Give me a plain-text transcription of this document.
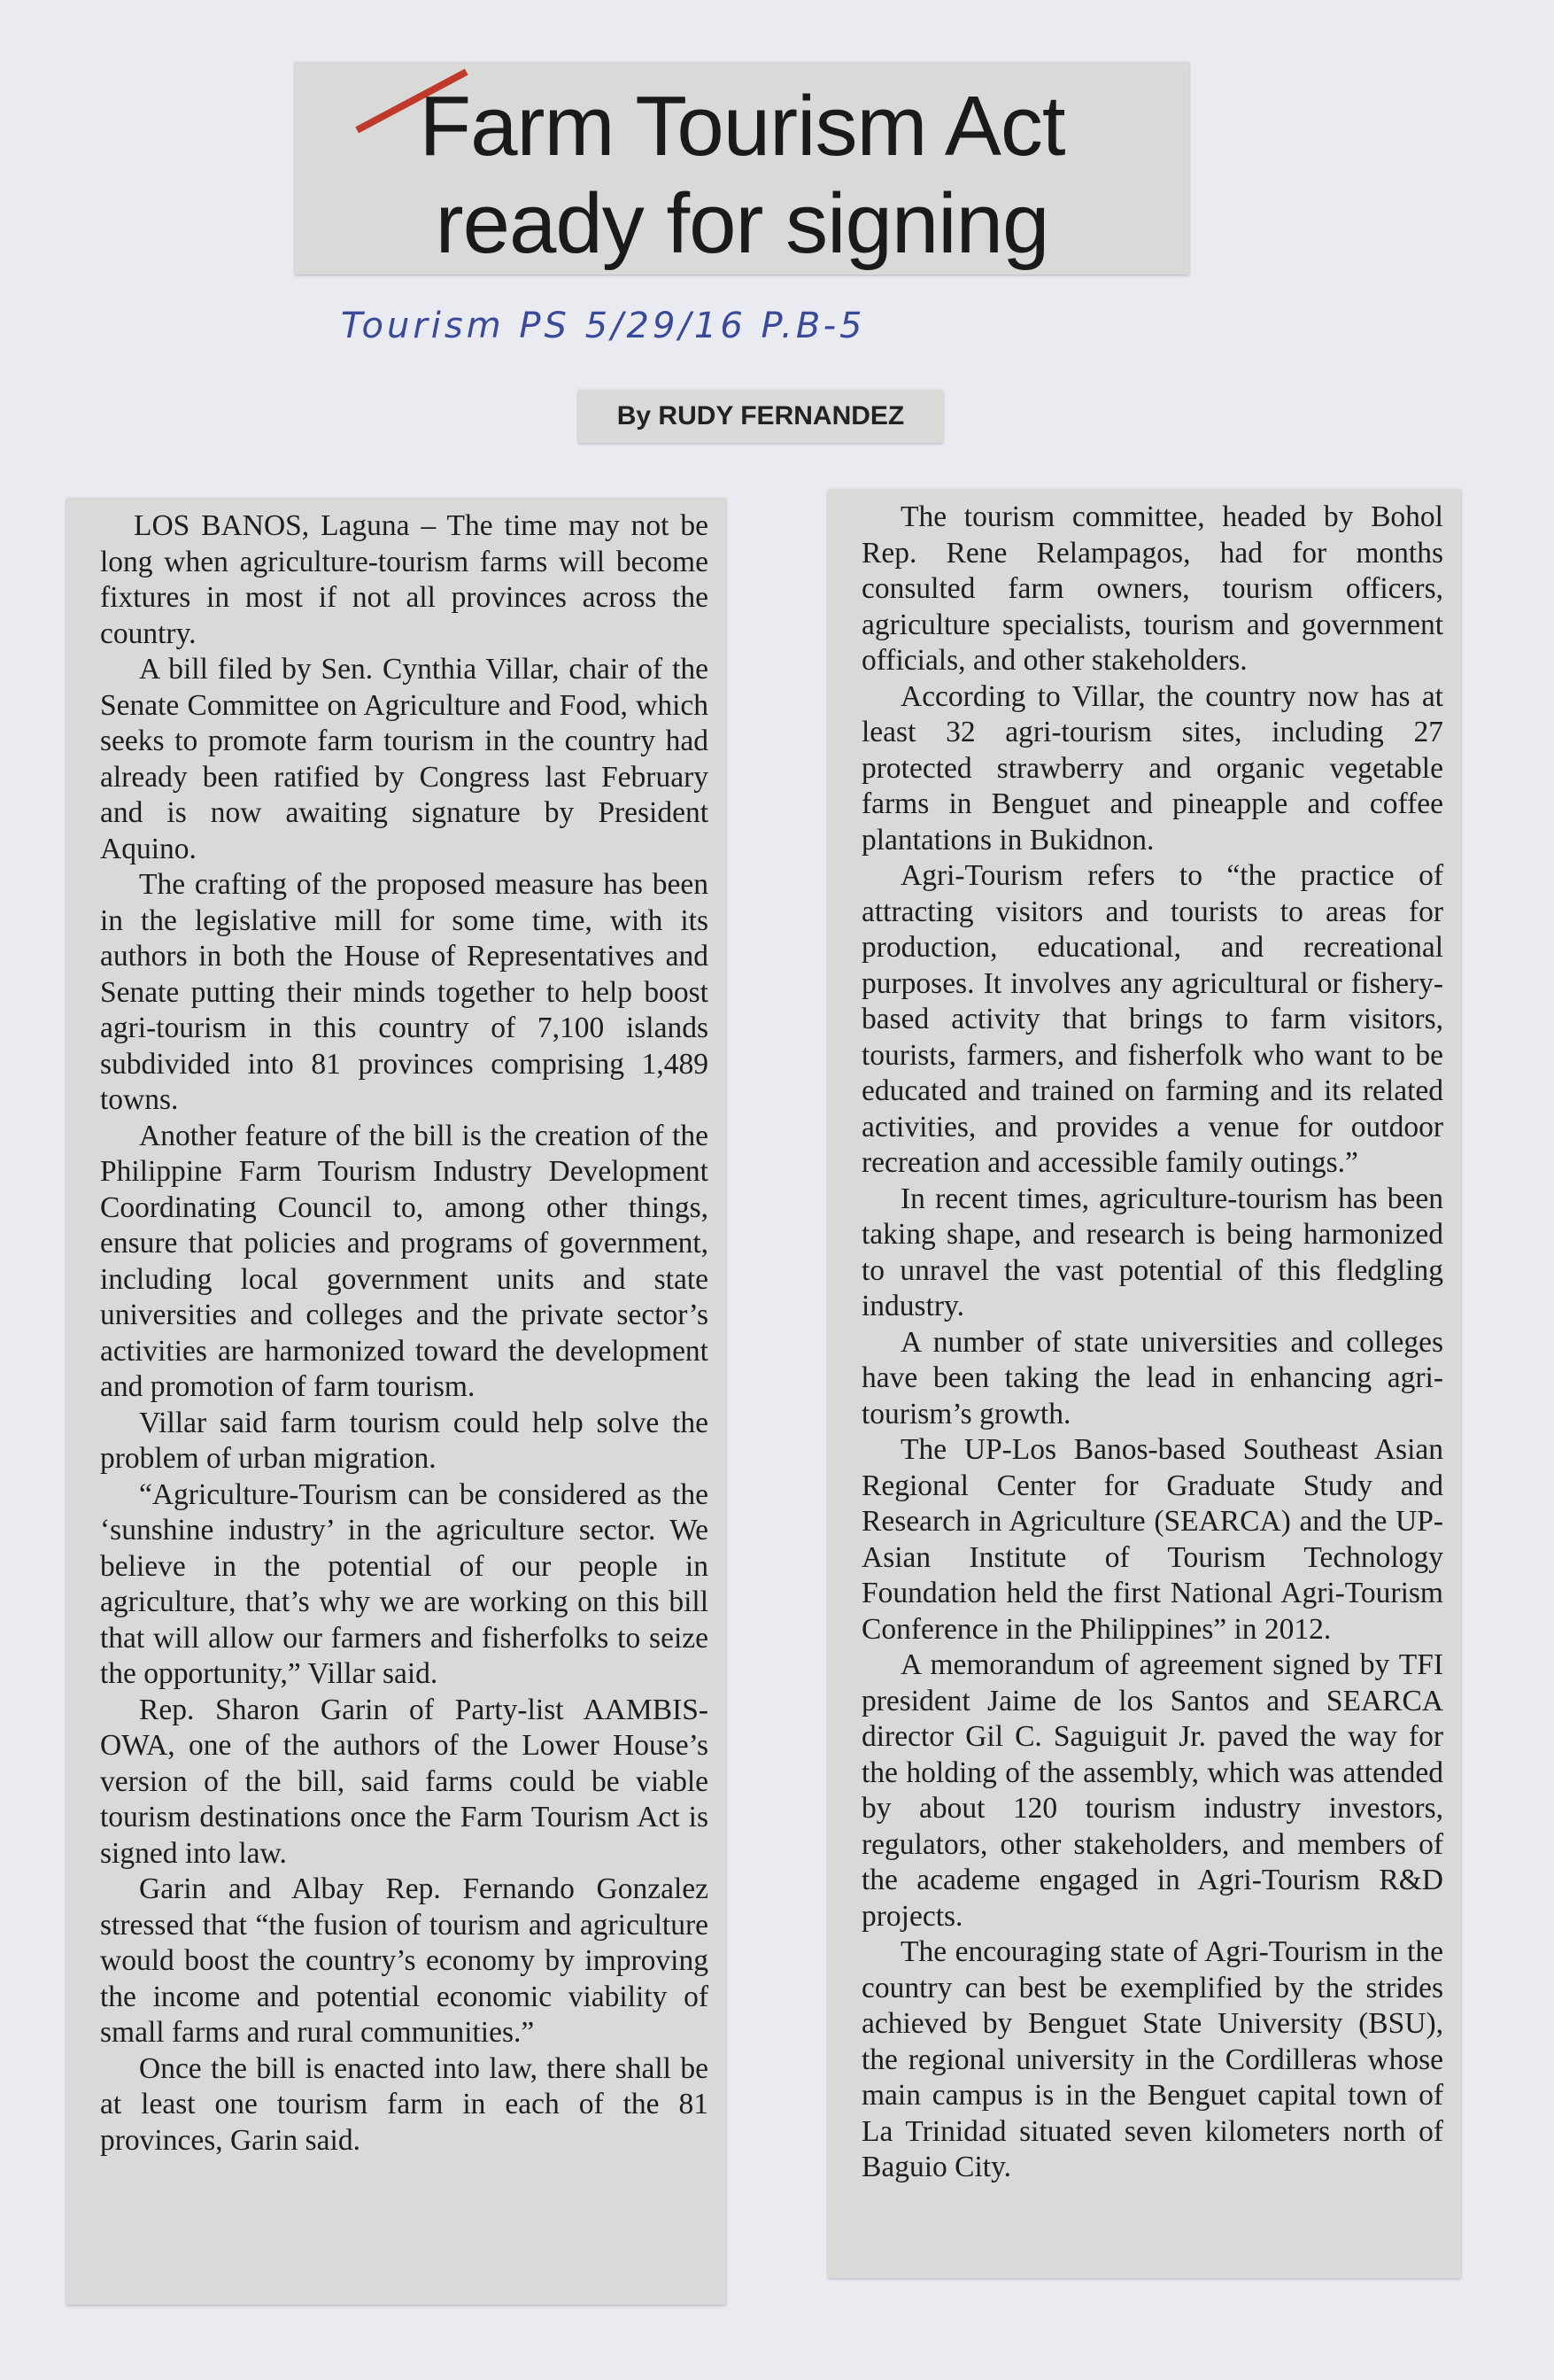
Farm Tourism Act
ready for signing
Tourism PS 5/29/16 P.B-5

By RUDY FERNANDEZ

LOS BANOS, Laguna – The time may not be long when agriculture-tourism farms will become fixtures in most if not all provinces across the country.

A bill filed by Sen. Cynthia Villar, chair of the Senate Committee on Agriculture and Food, which seeks to promote farm tourism in the country had already been ratified by Congress last February and is now awaiting signature by President Aquino.

The crafting of the proposed measure has been in the legislative mill for some time, with its authors in both the House of Representatives and Senate putting their minds together to help boost agri-tourism in this country of 7,100 islands subdivided into 81 provinces comprising 1,489 towns.

Another feature of the bill is the creation of the Philippine Farm Tourism Industry Development Coordinating Council to, among other things, ensure that policies and programs of government, including local government units and state universities and colleges and the private sector’s activities are harmonized toward the development and promotion of farm tourism.

Villar said farm tourism could help solve the problem of urban migration.

“Agriculture-Tourism can be considered as the ‘sunshine industry’ in the agriculture sector. We believe in the potential of our people in agriculture, that’s why we are working on this bill that will allow our farmers and fisherfolks to seize the opportunity,” Villar said.

Rep. Sharon Garin of Party-list AAMBIS-OWA, one of the authors of the Lower House’s version of the bill, said farms could be viable tourism destinations once the Farm Tourism Act is signed into law.

Garin and Albay Rep. Fernando Gonzalez stressed that “the fusion of tourism and agriculture would boost the country’s economy by improving the income and potential economic viability of small farms and rural communities.”

Once the bill is enacted into law, there shall be at least one tourism farm in each of the 81 provinces, Garin said.

The tourism committee, headed by Bohol Rep. Rene Relampagos, had for months consulted farm owners, tourism officers, agriculture specialists, tourism and government officials, and other stakeholders.

According to Villar, the country now has at least 32 agri-tourism sites, including 27 protected strawberry and organic vegetable farms in Benguet and pineapple and coffee plantations in Bukidnon.

Agri-Tourism refers to “the practice of attracting visitors and tourists to areas for production, educational, and recreational purposes. It involves any agricultural or fishery-based activity that brings to farm visitors, tourists, farmers, and fisherfolk who want to be educated and trained on farming and its related activities, and provides a venue for outdoor recreation and accessible family outings.”

In recent times, agriculture-tourism has been taking shape, and research is being harmonized to unravel the vast potential of this fledgling industry.

A number of state universities and colleges have been taking the lead in enhancing agri-tourism’s growth.

The UP-Los Banos-based Southeast Asian Regional Center for Graduate Study and Research in Agriculture (SEARCA) and the UP-Asian Institute of Tourism Technology Foundation held the first National Agri-Tourism Conference in the Philippines” in 2012.

A memorandum of agreement signed by TFI president Jaime de los Santos and SEARCA director Gil C. Saguiguit Jr. paved the way for the holding of the assembly, which was attended by about 120 tourism industry investors, regulators, other stakeholders, and members of the academe engaged in Agri-Tourism R&D projects.

The encouraging state of Agri-Tourism in the country can best be exemplified by the strides achieved by Benguet State University (BSU), the regional university in the Cordilleras whose main campus is in the Benguet capital town of La Trinidad situated seven kilometers north of Baguio City.
